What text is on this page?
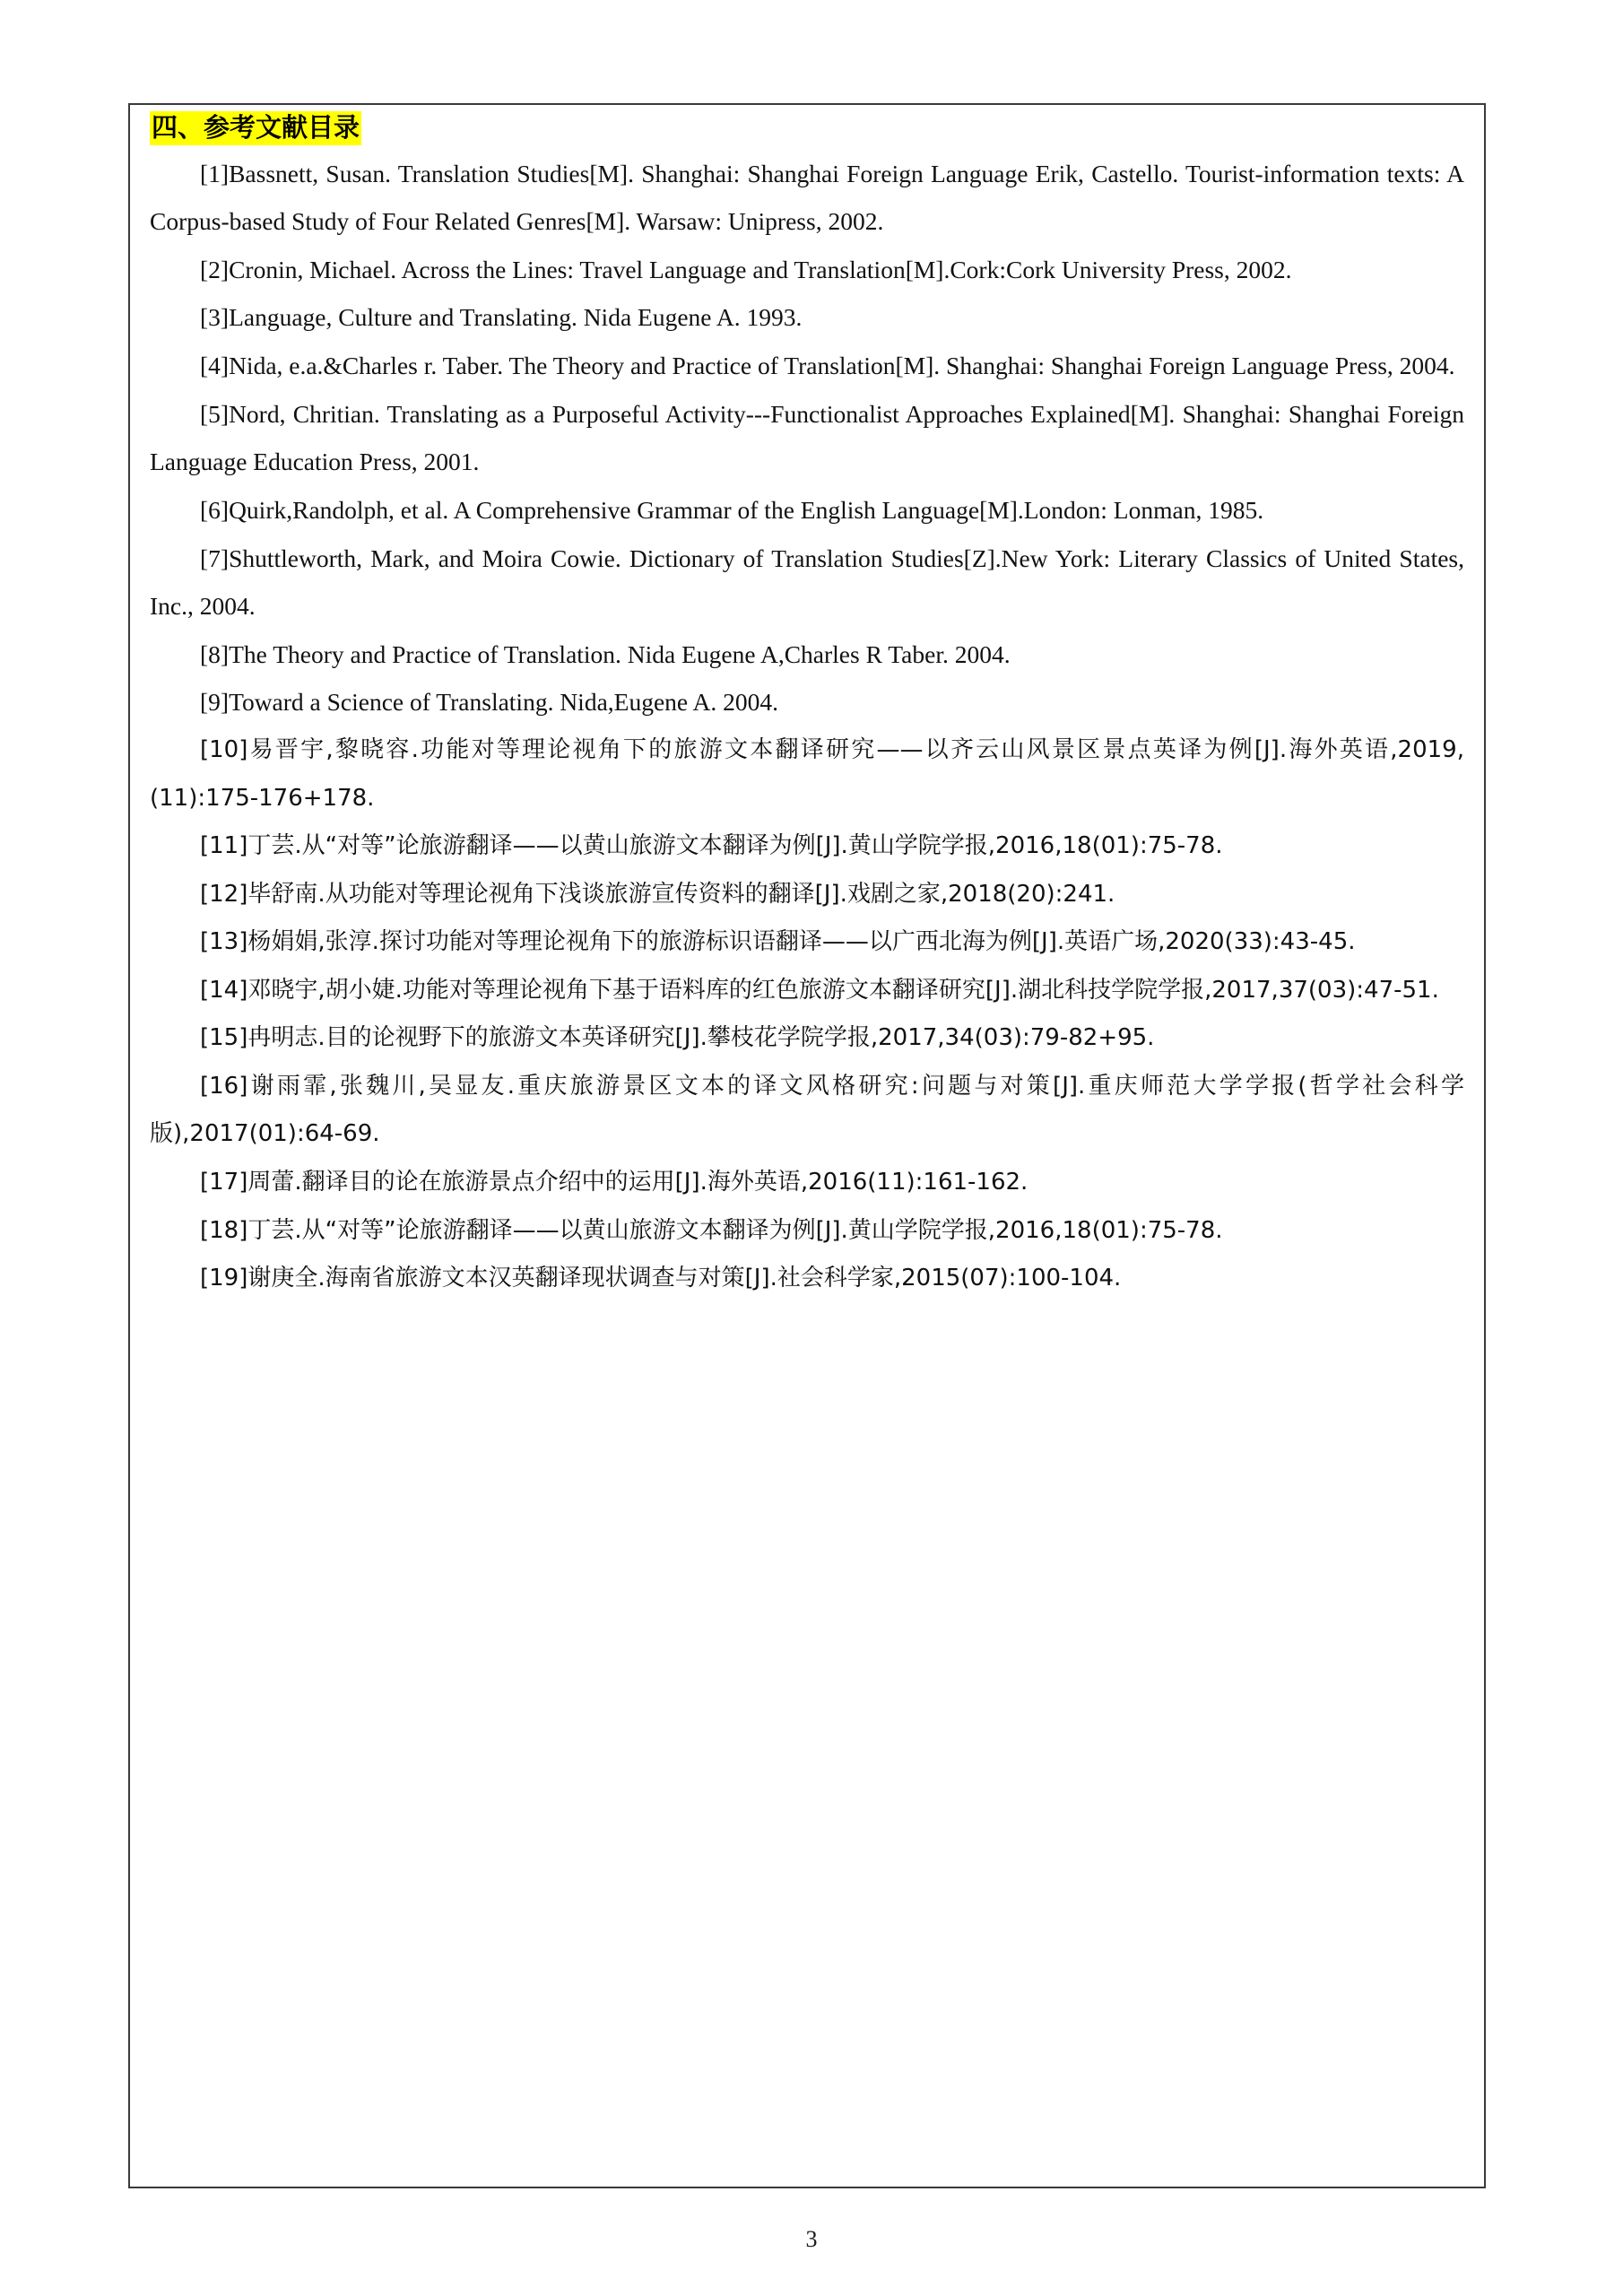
四、参考文献目录

[1]Bassnett, Susan. Translation Studies[M]. Shanghai: Shanghai Foreign Language Erik, Castello. Tourist-information texts: A Corpus-based Study of Four Related Genres[M]. Warsaw: Unipress, 2002.

[2]Cronin, Michael. Across the Lines: Travel Language and Translation[M].Cork:Cork University Press, 2002.

[3]Language, Culture and Translating. Nida Eugene A. 1993.

[4]Nida, e.a.&Charles r. Taber. The Theory and Practice of Translation[M]. Shanghai: Shanghai Foreign Language Press, 2004.

[5]Nord, Chritian. Translating as a Purposeful Activity---Functionalist Approaches Explained[M]. Shanghai: Shanghai Foreign Language Education Press, 2001.

[6]Quirk,Randolph, et al. A Comprehensive Grammar of the English Language[M].London: Lonman, 1985.

[7]Shuttleworth, Mark, and Moira Cowie. Dictionary of Translation Studies[Z].New York: Literary Classics of United States, Inc., 2004.

[8]The Theory and Practice of Translation. Nida Eugene A,Charles R Taber. 2004.

[9]Toward a Science of Translating. Nida,Eugene A. 2004.

[10]易晋宇,黎晓容.功能对等理论视角下的旅游文本翻译研究——以齐云山风景区景点英译为例[J].海外英语,2019,(11):175-176+178.

[11]丁芸.从“对等”论旅游翻译——以黄山旅游文本翻译为例[J].黄山学院学报,2016,18(01):75-78.

[12]毕舒南.从功能对等理论视角下浅谈旅游宣传资料的翻译[J].戏剧之家,2018(20):241.

[13]杨娟娟,张淳.探讨功能对等理论视角下的旅游标识语翻译——以广西北海为例[J].英语广场,2020(33):43-45.

[14]邓晓宇,胡小婕.功能对等理论视角下基于语料库的红色旅游文本翻译研究[J].湖北科技学院学报,2017,37(03):47-51.

[15]冉明志.目的论视野下的旅游文本英译研究[J].攀枝花学院学报,2017,34(03):79-82+95.

[16]谢雨霏,张魏川,吴显友.重庆旅游景区文本的译文风格研究:问题与对策[J].重庆师范大学学报(哲学社会科学版),2017(01):64-69.

[17]周蕾.翻译目的论在旅游景点介绍中的运用[J].海外英语,2016(11):161-162.

[18]丁芸.从“对等”论旅游翻译——以黄山旅游文本翻译为例[J].黄山学院学报,2016,18(01):75-78.

[19]谢庚全.海南省旅游文本汉英翻译现状调查与对策[J].社会科学家,2015(07):100-104.

3
